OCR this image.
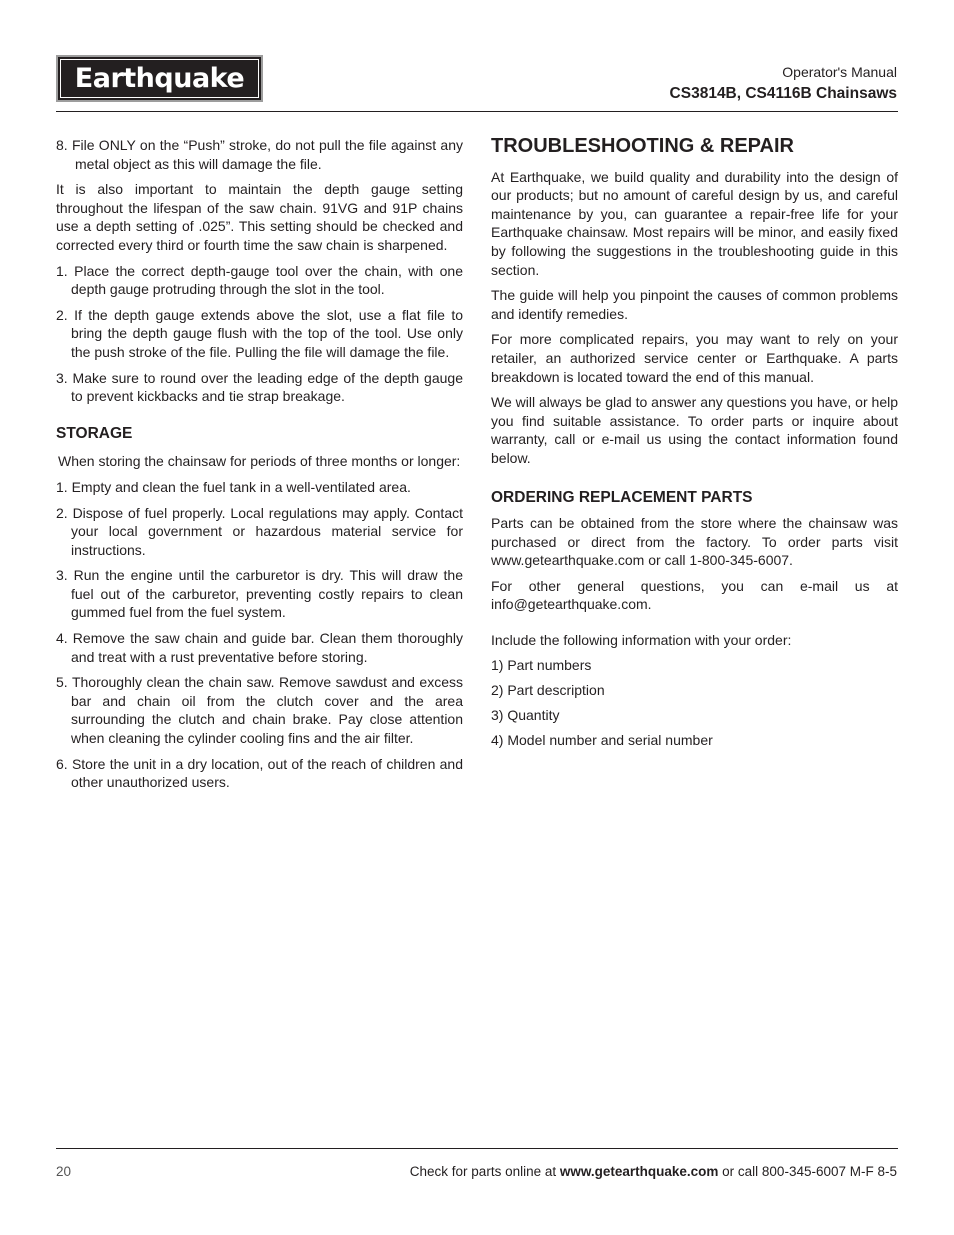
Earthquake	Operator's Manual
CS3814B, CS4116B Chainsaws
8. File ONLY on the “Push” stroke, do not pull the file against any metal object as this will damage the file.
It is also important to maintain the depth gauge setting throughout the lifespan of the saw chain. 91VG and 91P chains use a depth setting of .025”. This setting should be checked and corrected every third or fourth time the saw chain is sharpened.
1. Place the correct depth-gauge tool over the chain, with one depth gauge protruding through the slot in the tool.
2. If the depth gauge extends above the slot, use a flat file to bring the depth gauge flush with the top of the tool. Use only the push stroke of the file. Pulling the file will damage the file.
3. Make sure to round over the leading edge of the depth gauge to prevent kickbacks and tie strap breakage.
STORAGE
When storing the chainsaw for periods of three months or longer:
1. Empty and clean the fuel tank in a well-ventilated area.
2. Dispose of fuel properly. Local regulations may apply. Contact your local government or hazardous material service for instructions.
3. Run the engine until the carburetor is dry. This will draw the fuel out of the carburetor, preventing costly repairs to clean gummed fuel from the fuel system.
4. Remove the saw chain and guide bar. Clean them thoroughly and treat with a rust preventative before storing.
5. Thoroughly clean the chain saw. Remove sawdust and excess bar and chain oil from the clutch cover and the area surrounding the clutch and chain brake. Pay close attention when cleaning the cylinder cooling fins and the air filter.
6. Store the unit in a dry location, out of the reach of children and other unauthorized users.
TROUBLESHOOTING & REPAIR
At Earthquake, we build quality and durability into the design of our products; but no amount of careful design by us, and careful maintenance by you, can guarantee a repair-free life for your Earthquake chainsaw. Most repairs will be minor, and easily fixed by following the suggestions in the troubleshooting guide in this section.
The guide will help you pinpoint the causes of common problems and identify remedies.
For more complicated repairs, you may want to rely on your retailer, an authorized service center or Earthquake. A parts breakdown is located toward the end of this manual.
We will always be glad to answer any questions you have, or help you find suitable assistance. To order parts or inquire about warranty, call or e-mail us using the contact information found below.
ORDERING REPLACEMENT PARTS
Parts can be obtained from the store where the chainsaw was purchased or direct from the factory. To order parts visit www.getearthquake.com or call 1-800-345-6007.
For other general questions, you can e-mail us at info@getearthquake.com.
Include the following information with your order:
1) Part numbers
2) Part description
3) Quantity
4) Model number and serial number
20	Check for parts online at www.getearthquake.com or call 800-345-6007 M-F 8-5
